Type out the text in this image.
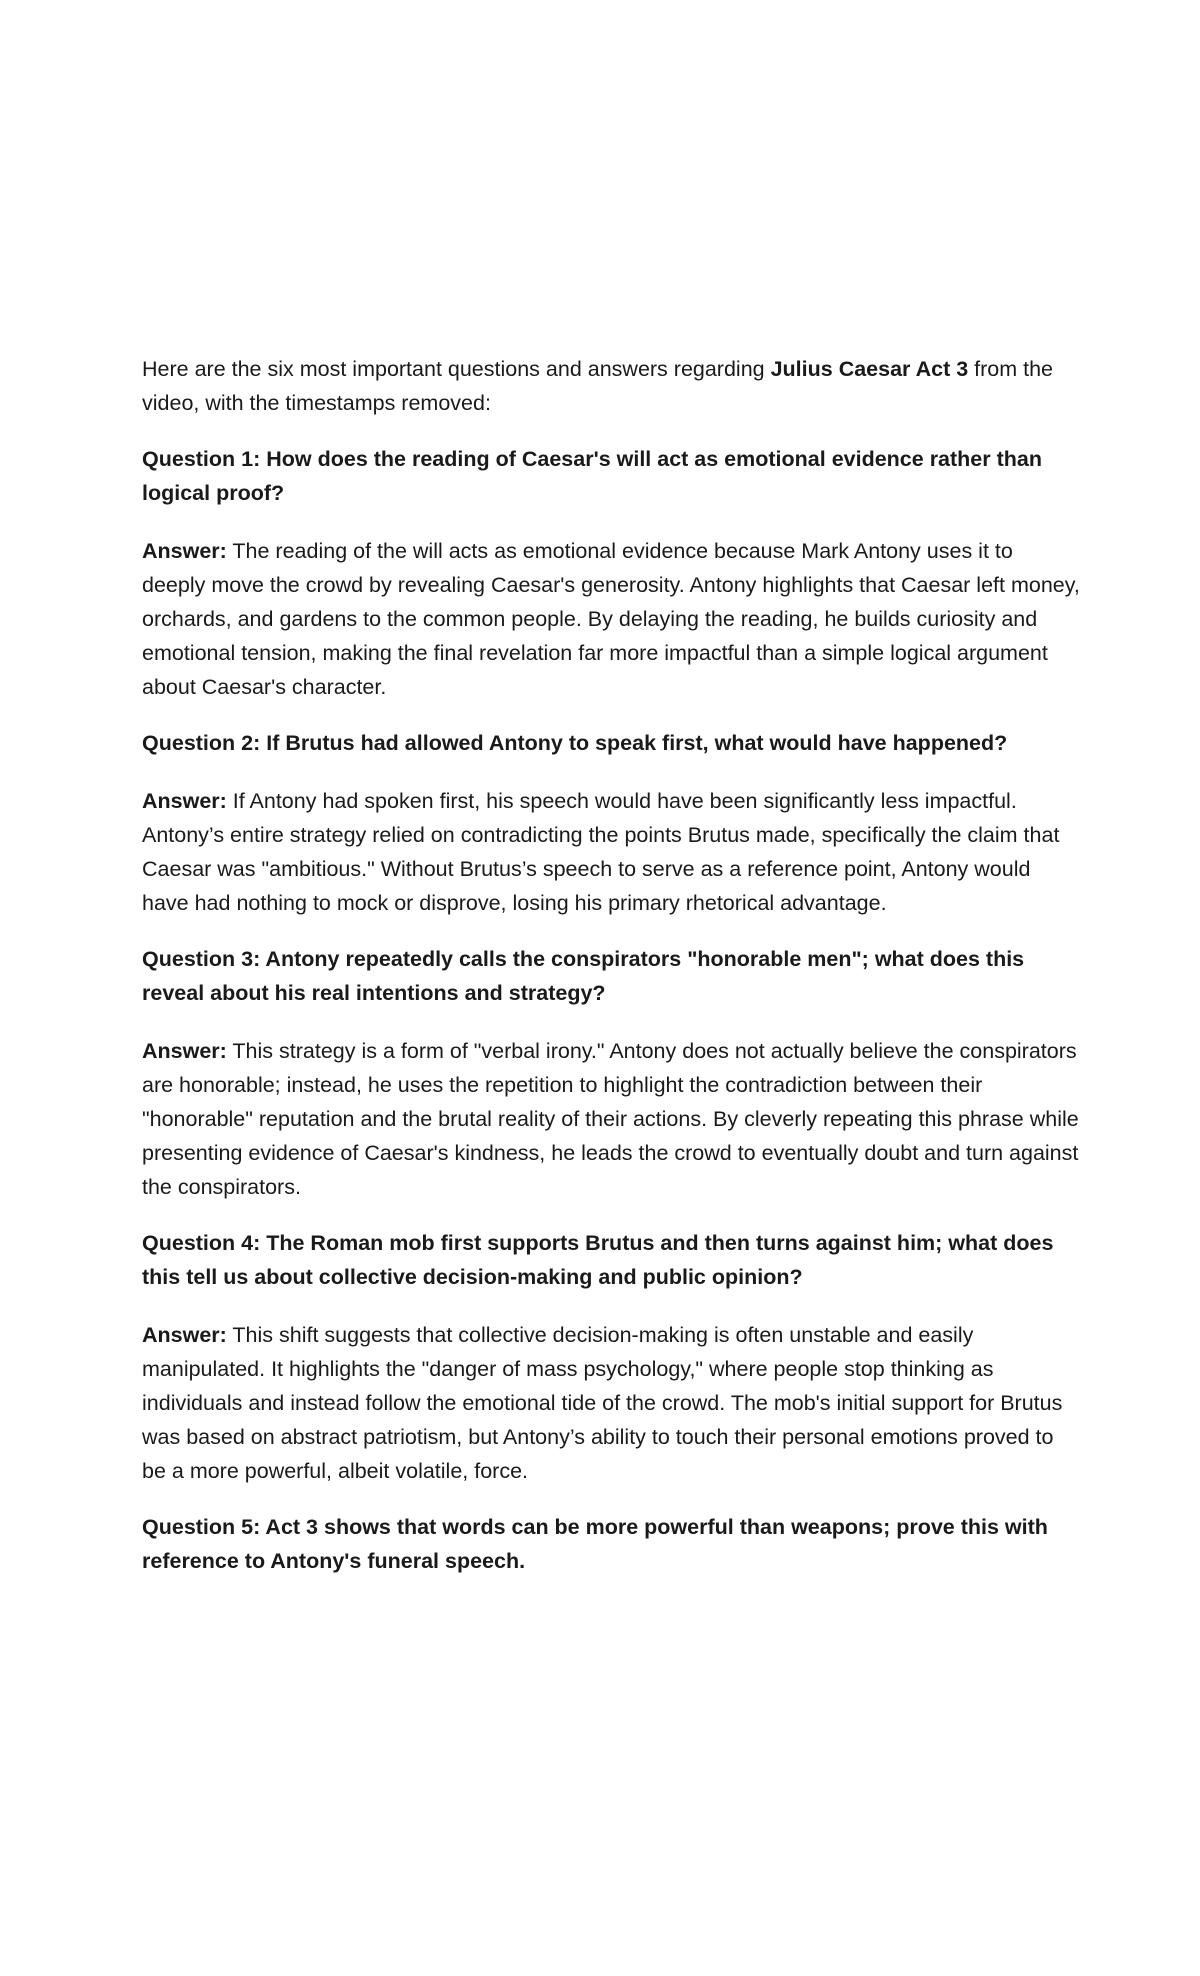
Here are the six most important questions and answers regarding Julius Caesar Act 3 from the video, with the timestamps removed:

Question 1: How does the reading of Caesar's will act as emotional evidence rather than logical proof?

Answer: The reading of the will acts as emotional evidence because Mark Antony uses it to deeply move the crowd by revealing Caesar's generosity. Antony highlights that Caesar left money, orchards, and gardens to the common people. By delaying the reading, he builds curiosity and emotional tension, making the final revelation far more impactful than a simple logical argument about Caesar's character.

Question 2: If Brutus had allowed Antony to speak first, what would have happened?

Answer: If Antony had spoken first, his speech would have been significantly less impactful. Antony’s entire strategy relied on contradicting the points Brutus made, specifically the claim that Caesar was "ambitious." Without Brutus’s speech to serve as a reference point, Antony would have had nothing to mock or disprove, losing his primary rhetorical advantage.

Question 3: Antony repeatedly calls the conspirators "honorable men"; what does this reveal about his real intentions and strategy?

Answer: This strategy is a form of "verbal irony." Antony does not actually believe the conspirators are honorable; instead, he uses the repetition to highlight the contradiction between their "honorable" reputation and the brutal reality of their actions. By cleverly repeating this phrase while presenting evidence of Caesar's kindness, he leads the crowd to eventually doubt and turn against the conspirators.

Question 4: The Roman mob first supports Brutus and then turns against him; what does this tell us about collective decision-making and public opinion?

Answer: This shift suggests that collective decision-making is often unstable and easily manipulated. It highlights the "danger of mass psychology," where people stop thinking as individuals and instead follow the emotional tide of the crowd. The mob's initial support for Brutus was based on abstract patriotism, but Antony’s ability to touch their personal emotions proved to be a more powerful, albeit volatile, force.

Question 5: Act 3 shows that words can be more powerful than weapons; prove this with reference to Antony's funeral speech.
